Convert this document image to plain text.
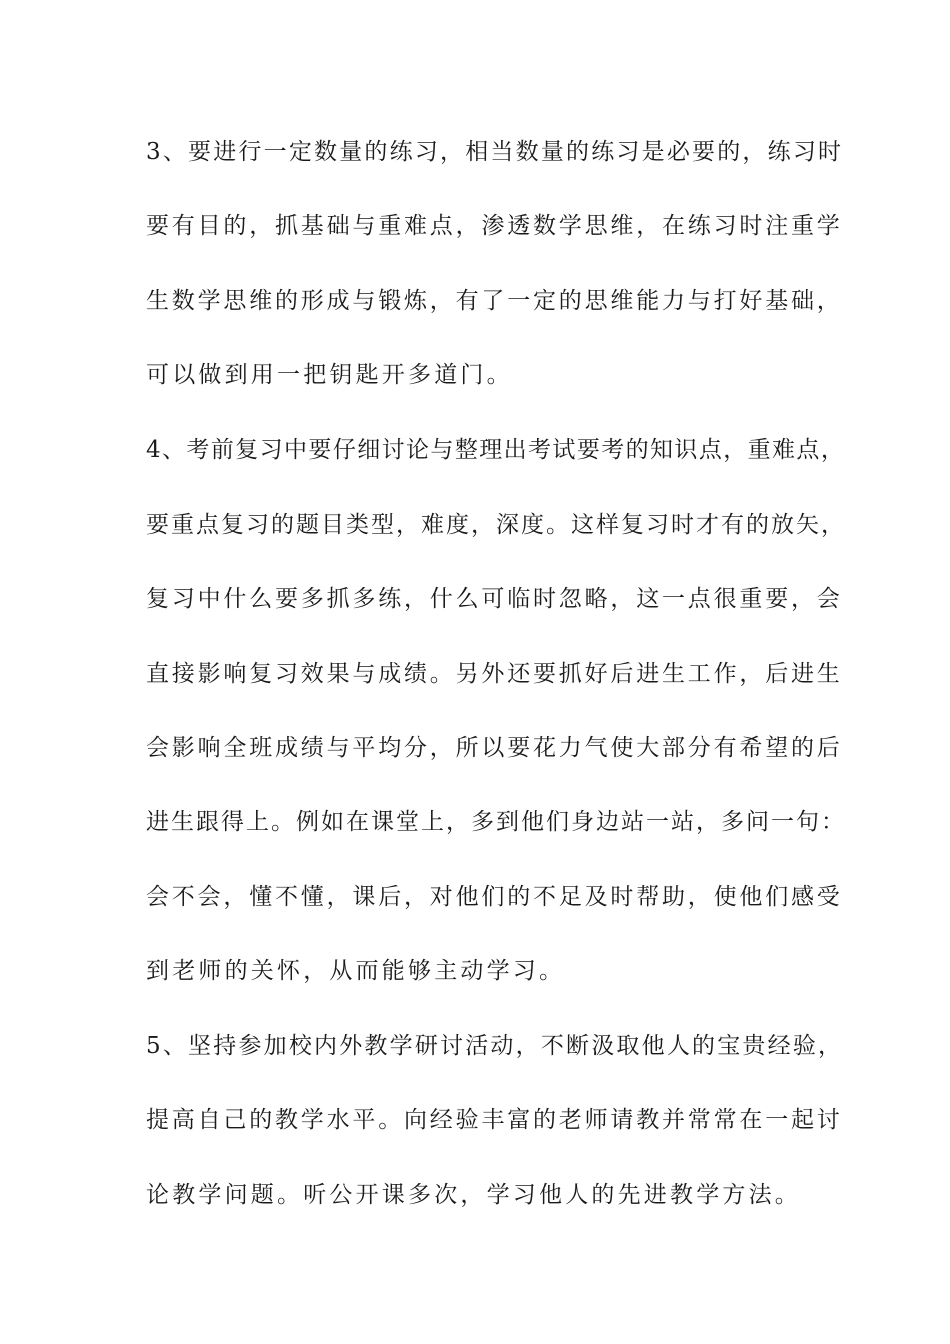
3、要进行一定数量的练习，相当数量的练习是必要的，练习时
要有目的，抓基础与重难点，渗透数学思维，在练习时注重学
生数学思维的形成与锻炼，有了一定的思维能力与打好基础，
可以做到用一把钥匙开多道门。
4、考前复习中要仔细讨论与整理出考试要考的知识点，重难点，
要重点复习的题目类型，难度，深度。这样复习时才有的放矢，
复习中什么要多抓多练，什么可临时忽略，这一点很重要，会
直接影响复习效果与成绩。另外还要抓好后进生工作，后进生
会影响全班成绩与平均分，所以要花力气使大部分有希望的后
进生跟得上。例如在课堂上，多到他们身边站一站，多问一句：
会不会，懂不懂，课后，对他们的不足及时帮助，使他们感受
到老师的关怀，从而能够主动学习。
5、坚持参加校内外教学研讨活动，不断汲取他人的宝贵经验，
提高自己的教学水平。向经验丰富的老师请教并常常在一起讨
论教学问题。听公开课多次，学习他人的先进教学方法。
